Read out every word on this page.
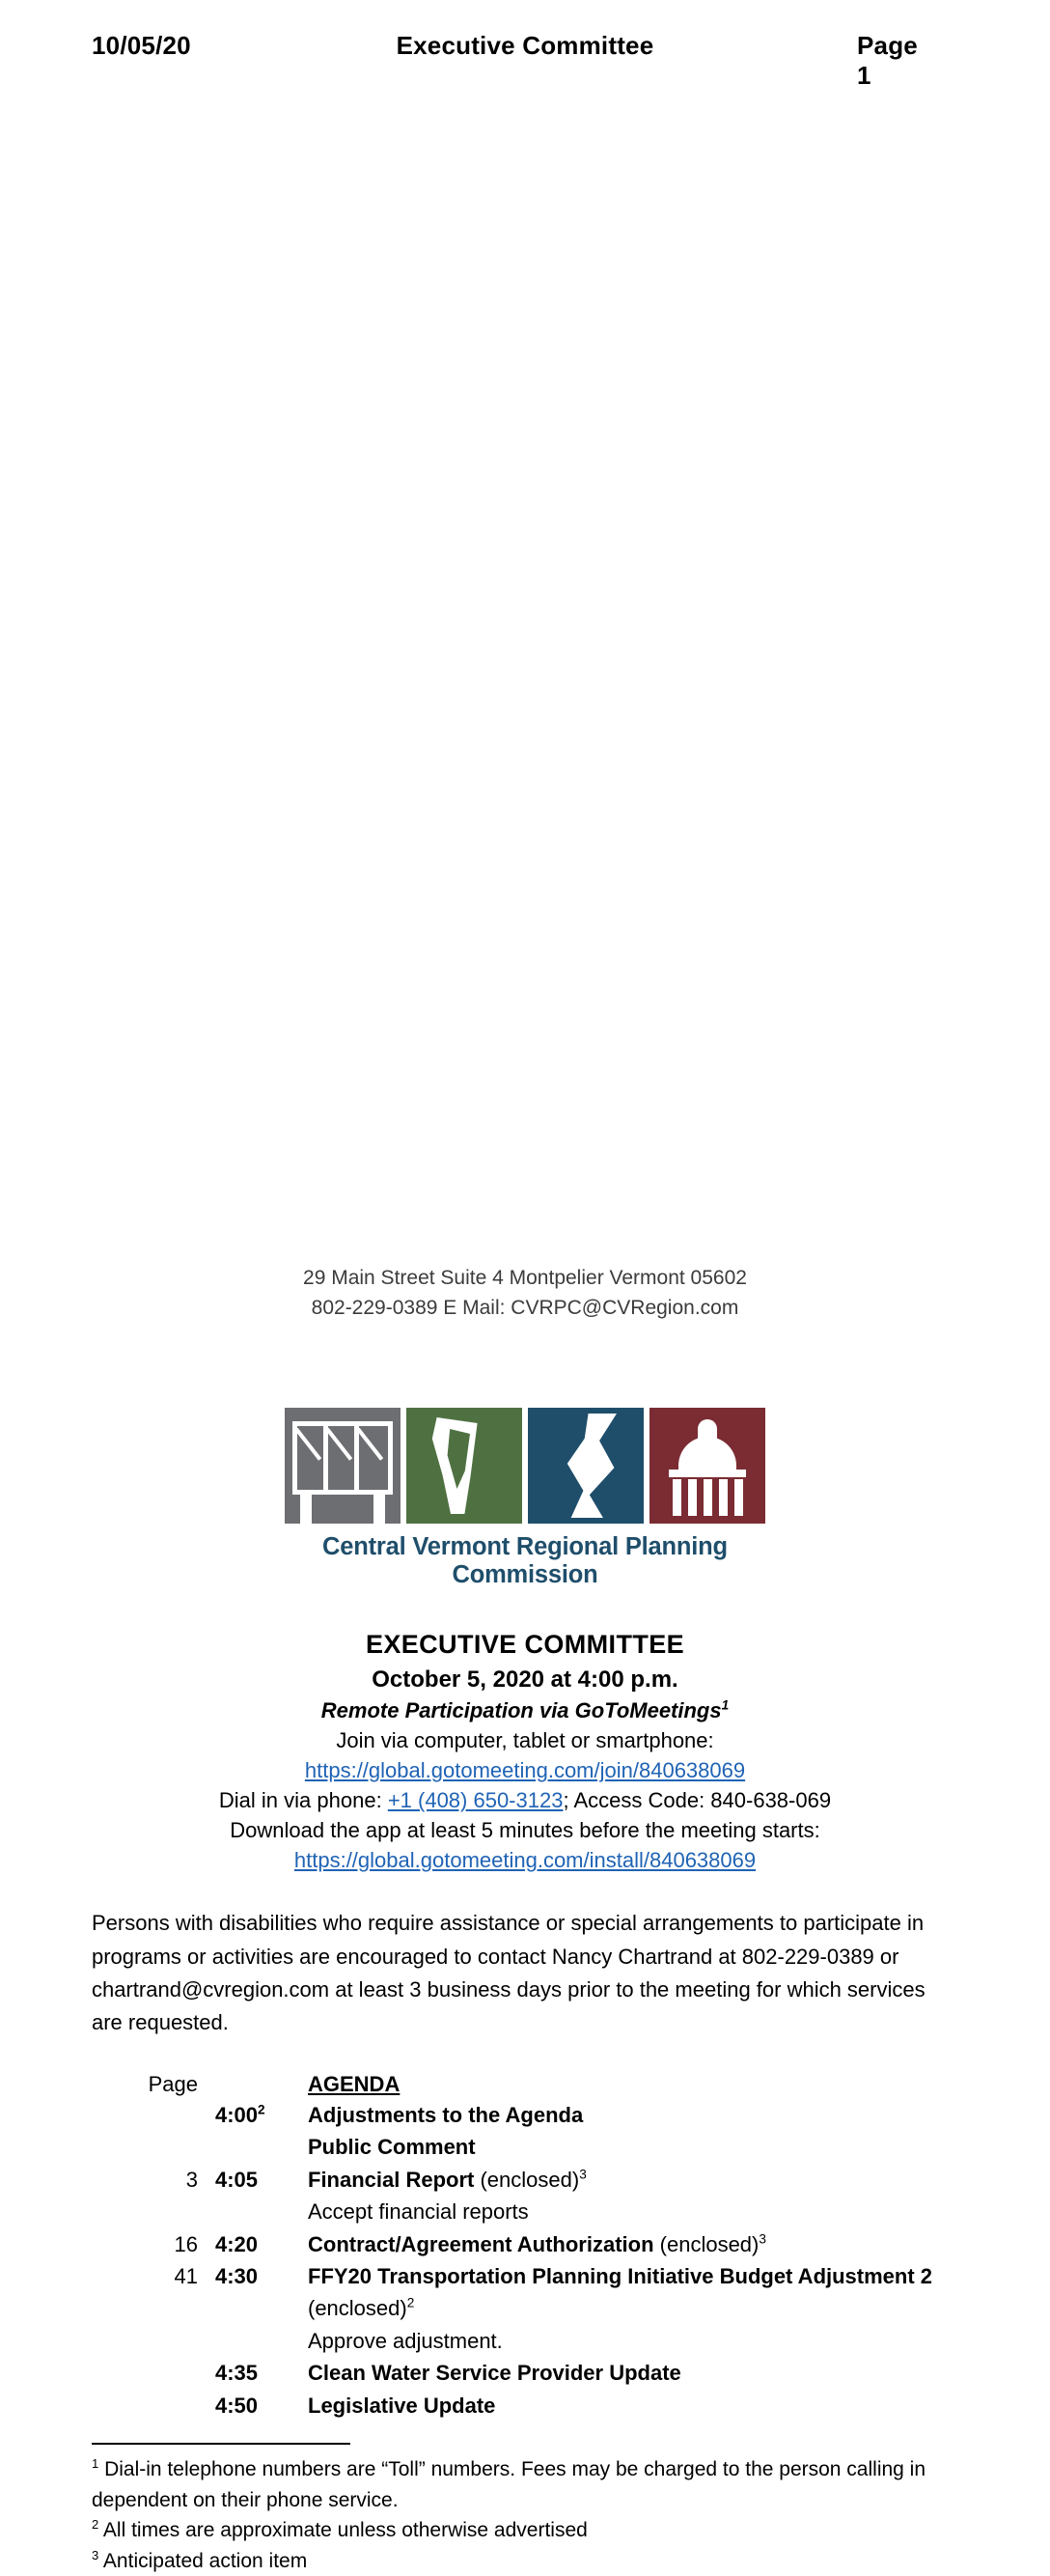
10/05/20	Executive Committee	Page 1
Central Vermont Regional Planning Commission
EXECUTIVE COMMITTEE
October 5, 2020 at 4:00 p.m.
Remote Participation via GoToMeetings$^1$
Join via computer, tablet or smartphone:
https://global.gotomeeting.com/join/840638069
Dial in via phone: +1 (408) 650-3123; Access Code: 840-638-069
Download the app at least 5 minutes before the meeting starts:
https://global.gotomeeting.com/install/840638069
Persons with disabilities who require assistance or special arrangements to participate in programs or activities are encouraged to contact Nancy Chartrand at 802-229-0389 or chartrand@cvregion.com at least 3 business days prior to the meeting for which services are requested.
Page	AGENDA
$4:00^2$	Adjustments to the Agenda
Public Comment
3 4:05	Financial Report (enclosed)$^3$
Accept financial reports
16 4:20	Contract/Agreement Authorization (enclosed)$^3$
41 4:30	FFY20 Transportation Planning Initiative Budget Adjustment 2
(enclosed)$^2$
Approve adjustment.
4:35	Clean Water Service Provider Update
4:50	Legislative Update

$^1$ Dial-in telephone numbers are “Toll” numbers. Fees may be charged to the person calling in dependent on their phone service.

$^2$ All times are approximate unless otherwise advertised

$^3$ Anticipated action item

29 Main Street Suite 4 Montpelier Vermont 05602
802-229-0389 E Mail: CVRPC@CVRegion.com
